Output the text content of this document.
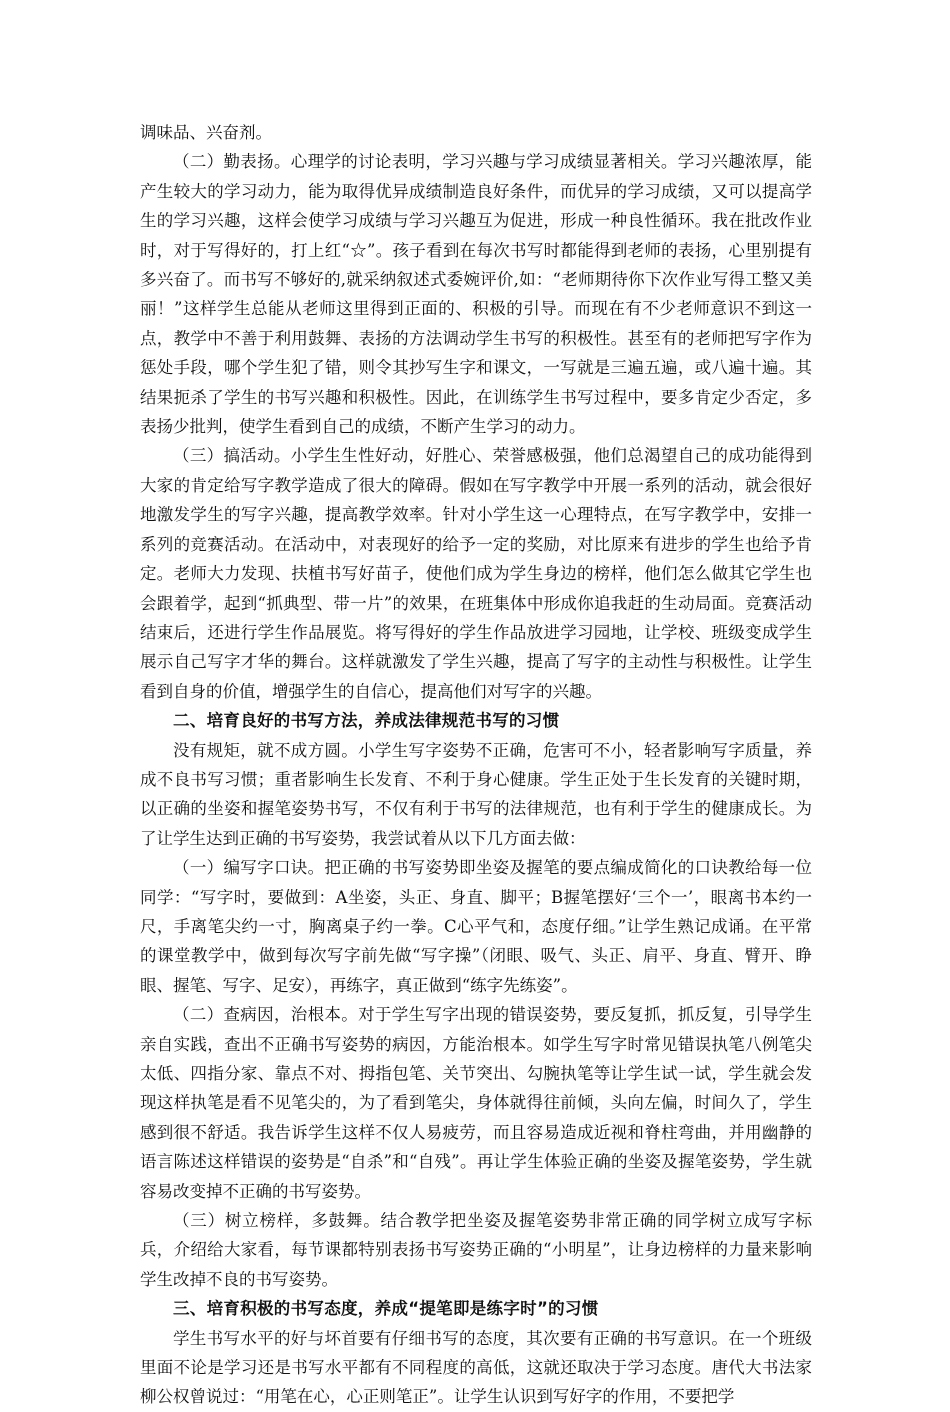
调味品、兴奋剂。

（二）勤表扬。心理学的讨论表明，学习兴趣与学习成绩显著相关。学习兴趣浓厚，能产生较大的学习动力，能为取得优异成绩制造良好条件，而优异的学习成绩，又可以提高学生的学习兴趣，这样会使学习成绩与学习兴趣互为促进，形成一种良性循环。我在批改作业时，对于写得好的，打上红“☆”。孩子看到在每次书写时都能得到老师的表扬，心里别提有多兴奋了。而书写不够好的,就采纳叙述式委婉评价,如：“老师期待你下次作业写得工整又美丽！”这样学生总能从老师这里得到正面的、积极的引导。而现在有不少老师意识不到这一点，教学中不善于利用鼓舞、表扬的方法调动学生书写的积极性。甚至有的老师把写字作为惩处手段，哪个学生犯了错，则令其抄写生字和课文，一写就是三遍五遍，或八遍十遍。其结果扼杀了学生的书写兴趣和积极性。因此，在训练学生书写过程中，要多肯定少否定，多表扬少批判，使学生看到自己的成绩，不断产生学习的动力。

（三）搞活动。小学生生性好动，好胜心、荣誉感极强，他们总渴望自己的成功能得到大家的肯定给写字教学造成了很大的障碍。假如在写字教学中开展一系列的活动，就会很好地激发学生的写字兴趣，提高教学效率。针对小学生这一心理特点，在写字教学中，安排一系列的竞赛活动。在活动中，对表现好的给予一定的奖励，对比原来有进步的学生也给予肯定。老师大力发现、扶植书写好苗子，使他们成为学生身边的榜样，他们怎么做其它学生也会跟着学，起到“抓典型、带一片”的效果，在班集体中形成你追我赶的生动局面。竞赛活动结束后，还进行学生作品展览。将写得好的学生作品放进学习园地，让学校、班级变成学生展示自己写字才华的舞台。这样就激发了学生兴趣，提高了写字的主动性与积极性。让学生看到自身的价值，增强学生的自信心，提高他们对写字的兴趣。

二、培育良好的书写方法，养成法律规范书写的习惯

没有规矩，就不成方圆。小学生写字姿势不正确，危害可不小，轻者影响写字质量，养成不良书写习惯；重者影响生长发育、不利于身心健康。学生正处于生长发育的关键时期，以正确的坐姿和握笔姿势书写，不仅有利于书写的法律规范，也有利于学生的健康成长。为了让学生达到正确的书写姿势，我尝试着从以下几方面去做：

（一）编写字口诀。把正确的书写姿势即坐姿及握笔的要点编成简化的口诀教给每一位同学：“写字时，要做到：A坐姿，头正、身直、脚平；B握笔摆好‘三个一’，眼离书本约一尺，手离笔尖约一寸，胸离桌子约一拳。C心平气和，态度仔细。”让学生熟记成诵。在平常的课堂教学中，做到每次写字前先做“写字操”（闭眼、吸气、头正、肩平、身直、臂开、睁眼、握笔、写字、足安），再练字，真正做到“练字先练姿”。

（二）查病因，治根本。对于学生写字出现的错误姿势，要反复抓，抓反复，引导学生亲自实践，查出不正确书写姿势的病因，方能治根本。如学生写字时常见错误执笔八例笔尖太低、四指分家、靠点不对、拇指包笔、关节突出、勾腕执笔等让学生试一试，学生就会发现这样执笔是看不见笔尖的，为了看到笔尖，身体就得往前倾，头向左偏，时间久了，学生感到很不舒适。我告诉学生这样不仅人易疲劳，而且容易造成近视和脊柱弯曲，并用幽静的语言陈述这样错误的姿势是“自杀”和“自残”。再让学生体验正确的坐姿及握笔姿势，学生就容易改变掉不正确的书写姿势。

（三）树立榜样，多鼓舞。结合教学把坐姿及握笔姿势非常正确的同学树立成写字标兵，介绍给大家看，每节课都特别表扬书写姿势正确的“小明星”，让身边榜样的力量来影响学生改掉不良的书写姿势。

三、培育积极的书写态度，养成“提笔即是练字时”的习惯

学生书写水平的好与坏首要有仔细书写的态度，其次要有正确的书写意识。在一个班级里面不论是学习还是书写水平都有不同程度的高低，这就还取决于学习态度。唐代大书法家柳公权曾说过：“用笔在心，心正则笔正”。让学生认识到写好字的作用，不要把学
